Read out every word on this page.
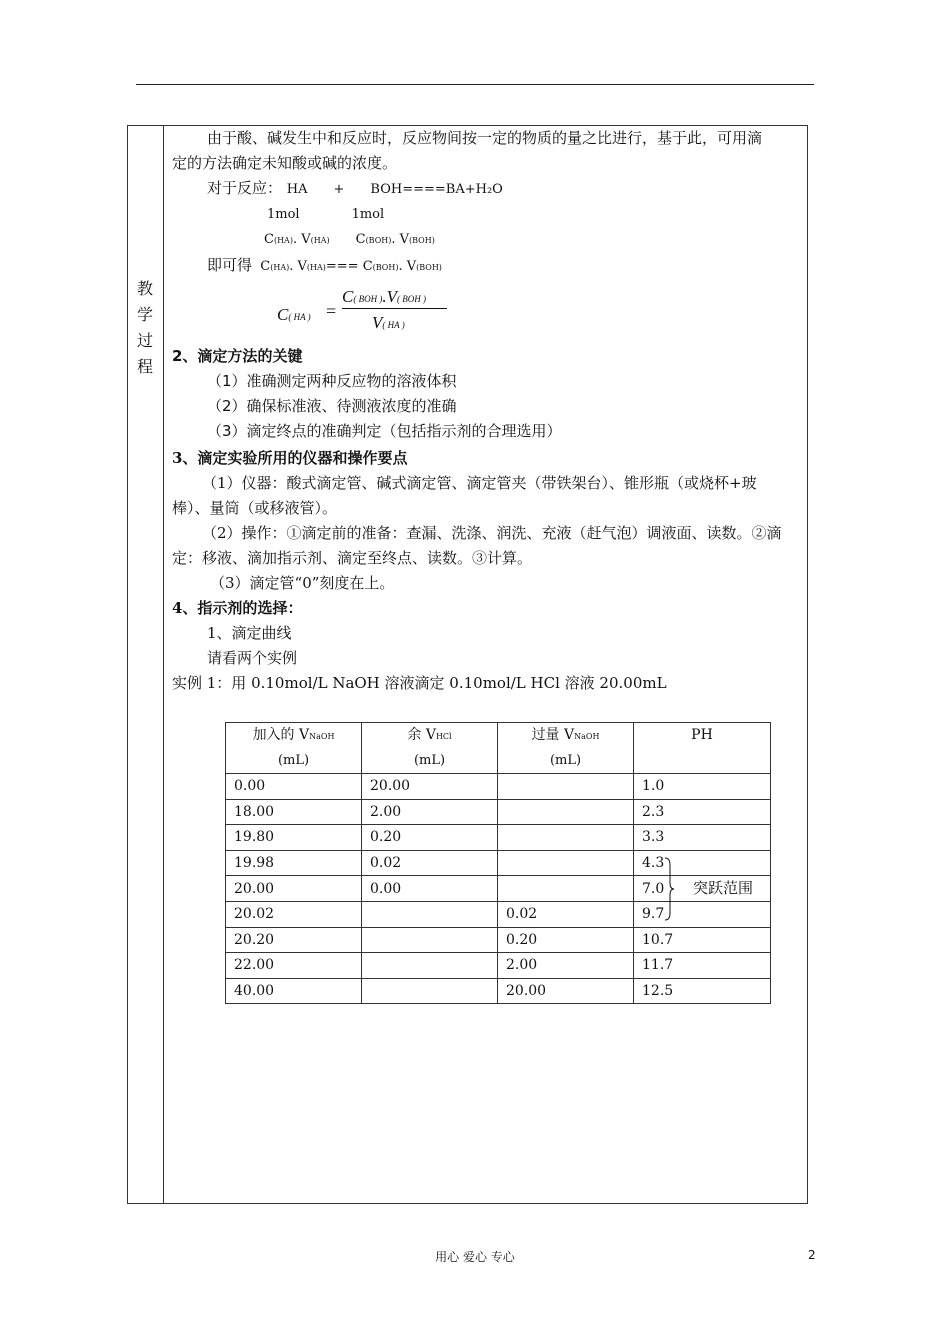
教
学
过
程

由于酸、碱发生中和反应时，反应物间按一定的物质的量之比进行，基于此，可用滴

定的方法确定未知酸或碱的浓度。

对于反应： HA　　+　　BOH====BA+H₂O

1mol　　　　1mol

C(HA). V(HA)　　C(BOH). V(BOH)

即可得 C(HA). V(HA)=== C(BOH). V(BOH)

C( HA ) =
C( BOH ).V( BOH )
V( HA )

2、滴定方法的关键

（1）准确测定两种反应物的溶液体积

（2）确保标准液、待测液浓度的准确

（3）滴定终点的准确判定（包括指示剂的合理选用）

3、滴定实验所用的仪器和操作要点

（1）仪器：酸式滴定管、碱式滴定管、滴定管夹（带铁架台）、锥形瓶（或烧杯+玻

棒）、量筒（或移液管）。

（2）操作：①滴定前的准备：查漏、洗涤、润洗、充液（赶气泡）调液面、读数。②滴

定：移液、滴加指示剂、滴定至终点、读数。③计算。

（3）滴定管“0”刻度在上。

4、指示剂的选择：

1、滴定曲线

请看两个实例

实例 1：用 0.10mol/L NaOH 溶液滴定 0.10mol/L HCl 溶液 20.00mL

加入的 VNaOH
(mL)	余 VHCl
(mL)	过量 VNaOH
(mL)	PH
0.00	20.00		1.0
18.00	2.00		2.3
19.80	0.20		3.3
19.98	0.02		4.3
20.00	0.00		7.0
20.02		0.02	9.7
20.20		0.20	10.7
22.00		2.00	11.7
40.00		20.00	12.5
突跃范围
用心 爱心 专心	2
